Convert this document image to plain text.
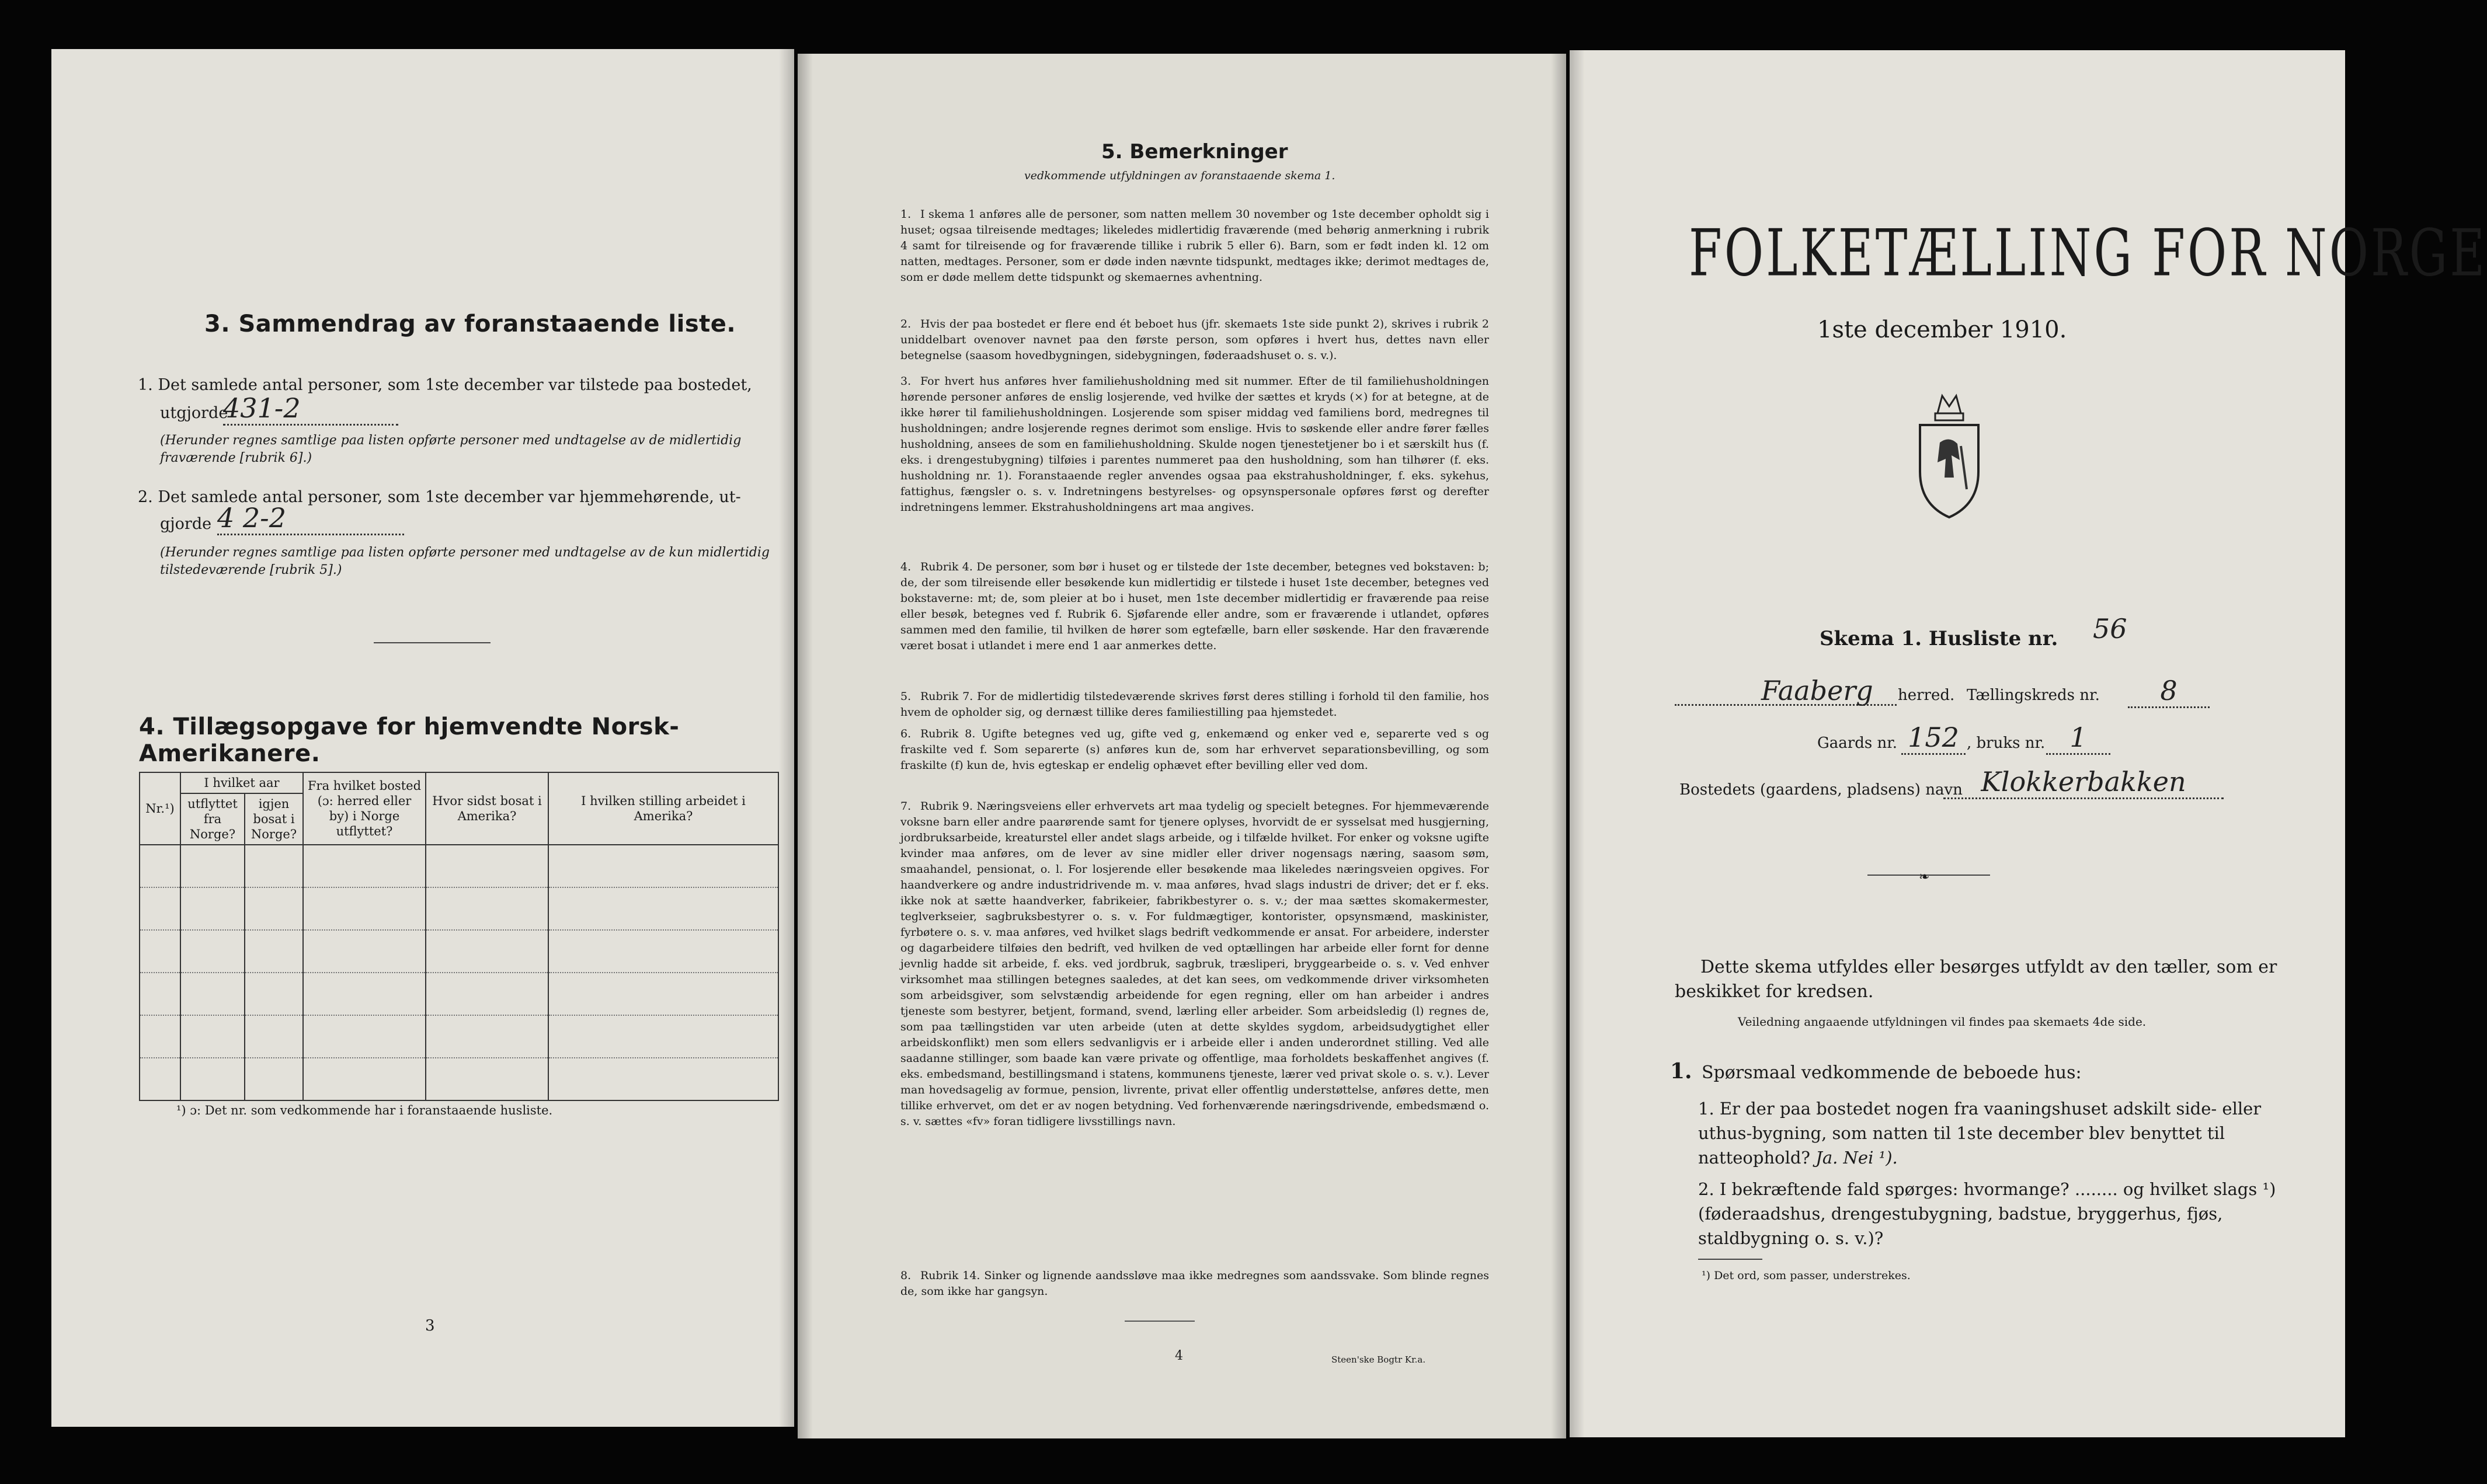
3. Sammendrag av foranstaaende liste.
1. Det samlede antal personer, som 1ste december var tilstede paa bostedet,
utgjorde
431-2
(Herunder regnes samtlige paa listen opførte personer med undtagelse av de midlertidig fraværende [rubrik 6].)
2. Det samlede antal personer, som 1ste december var hjemmehørende, ut-
gjorde 4 2-2
(Herunder regnes samtlige paa listen opførte personer med undtagelse av de kun midlertidig tilstedeværende [rubrik 5].)
4. Tillægsopgave for hjemvendte Norsk-Amerikanere.
Nr.¹)	I hvilket aar		Fra hvilket bosted (ɔ: herred eller by) i Norge utflyttet?	Hvor sidst bosat i Amerika?	I hvilken stilling arbeidet i Amerika?
	utflyttet fra Norge?	igjen bosat i Norge?			

¹) ɔ: Det nr. som vedkommende har i foranstaaende husliste.
3
5. Bemerkninger
vedkommende utfyldningen av foranstaaende skema 1.
1. I skema 1 anføres alle de personer, som natten mellem 30 november og 1ste december opholdt sig i huset; ogsaa tilreisende medtages; likeledes midlertidig fraværende (med behørig anmerkning i rubrik 4 samt for tilreisende og for fraværende tillike i rubrik 5 eller 6). Barn, som er født inden kl. 12 om natten, medtages. Personer, som er døde inden nævnte tidspunkt, medtages ikke; derimot medtages de, som er døde mellem dette tidspunkt og skemaernes avhentning.
2. Hvis der paa bostedet er flere end ét beboet hus (jfr. skemaets 1ste side punkt 2), skrives i rubrik 2 uniddelbart ovenover navnet paa den første person, som opføres i hvert hus, dettes navn eller betegnelse (saasom hovedbygningen, sidebygningen, føderaadshuset o. s. v.).
3. For hvert hus anføres hver familiehusholdning med sit nummer. Efter de til familiehusholdningen hørende personer anføres de enslig losjerende, ved hvilke der sættes et kryds (×) for at betegne, at de ikke hører til familiehusholdningen. Losjerende som spiser middag ved familiens bord, medregnes til husholdningen; andre losjerende regnes derimot som enslige. Hvis to søskende eller andre fører fælles husholdning, ansees de som en familiehusholdning. Skulde nogen tjenestetjener bo i et særskilt hus (f. eks. i drengestubygning) tilføies i parentes nummeret paa den husholdning, som han tilhører (f. eks. husholdning nr. 1). Foranstaaende regler anvendes ogsaa paa ekstrahusholdninger, f. eks. sykehus, fattighus, fængsler o. s. v. Indretningens bestyrelses- og opsynspersonale opføres først og derefter indretningens lemmer. Ekstrahusholdningens art maa angives.
4. Rubrik 4. De personer, som bør i huset og er tilstede der 1ste december, betegnes ved bokstaven: b; de, der som tilreisende eller besøkende kun midlertidig er tilstede i huset 1ste december, betegnes ved bokstaverne: mt; de, som pleier at bo i huset, men 1ste december midlertidig er fraværende paa reise eller besøk, betegnes ved f. Rubrik 6. Sjøfarende eller andre, som er fraværende i utlandet, opføres sammen med den familie, til hvilken de hører som egtefælle, barn eller søskende. Har den fraværende været bosat i utlandet i mere end 1 aar anmerkes dette.
5. Rubrik 7. For de midlertidig tilstedeværende skrives først deres stilling i forhold til den familie, hos hvem de opholder sig, og dernæst tillike deres familiestilling paa hjemstedet.
6. Rubrik 8. Ugifte betegnes ved ug, gifte ved g, enkemænd og enker ved e, separerte ved s og fraskilte ved f. Som separerte (s) anføres kun de, som har erhvervet separationsbevilling, og som fraskilte (f) kun de, hvis egteskap er endelig ophævet efter bevilling eller ved dom.
7. Rubrik 9. Næringsveiens eller erhvervets art maa tydelig og specielt betegnes. For hjemmeværende voksne barn eller andre paarørende samt for tjenere oplyses, hvorvidt de er sysselsat med husgjerning, jordbruksarbeide, kreaturstel eller andet slags arbeide, og i tilfælde hvilket. For enker og voksne ugifte kvinder maa anføres, om de lever av sine midler eller driver nogensags næring, saasom søm, smaahandel, pensionat, o. l. For losjerende eller besøkende maa likeledes næringsveien opgives. For haandverkere og andre industridrivende m. v. maa anføres, hvad slags industri de driver; det er f. eks. ikke nok at sætte haandverker, fabrikeier, fabrikbestyrer o. s. v.; der maa sættes skomakermester, teglverkseier, sagbruksbestyrer o. s. v. For fuldmægtiger, kontorister, opsynsmænd, maskinister, fyrbøtere o. s. v. maa anføres, ved hvilket slags bedrift vedkommende er ansat. For arbeidere, inderster og dagarbeidere tilføies den bedrift, ved hvilken de ved optællingen har arbeide eller fornt for denne jevnlig hadde sit arbeide, f. eks. ved jordbruk, sagbruk, træsliperi, bryggearbeide o. s. v. Ved enhver virksomhet maa stillingen betegnes saaledes, at det kan sees, om vedkommende driver virksomheten som arbeidsgiver, som selvstændig arbeidende for egen regning, eller om han arbeider i andres tjeneste som bestyrer, betjent, formand, svend, lærling eller arbeider. Som arbeidsledig (l) regnes de, som paa tællingstiden var uten arbeide (uten at dette skyldes sygdom, arbeidsudygtighet eller arbeidskonflikt) men som ellers sedvanligvis er i arbeide eller i anden underordnet stilling. Ved alle saadanne stillinger, som baade kan være private og offentlige, maa forholdets beskaffenhet angives (f. eks. embedsmand, bestillingsmand i statens, kommunens tjeneste, lærer ved privat skole o. s. v.). Lever man hovedsagelig av formue, pension, livrente, privat eller offentlig understøttelse, anføres dette, men tillike erhvervet, om det er av nogen betydning. Ved forhenværende næringsdrivende, embedsmænd o. s. v. sættes «fv» foran tidligere livsstillings navn.
8. Rubrik 14. Sinker og lignende aandssløve maa ikke medregnes som aandssvake. Som blinde regnes de, som ikke har gangsyn.
4	Steen'ske Bogtr Kr.a.
FOLKETÆLLING FOR NORGE
1ste december 1910.
Skema 1. Husliste nr. 56
Faaberg herred. Tællingskreds nr.	8
Gaards nr. 152 , bruks nr. 1
Bostedets (gaardens, pladsens) navn Klokkerbakken
❧
Dette skema utfyldes eller besørges utfyldt av den tæller, som er beskikket for kredsen.
Veiledning angaaende utfyldningen vil findes paa skemaets 4de side.
1. Spørsmaal vedkommende de beboede hus:
1. Er der paa bostedet nogen fra vaaningshuset adskilt side- eller uthus-bygning, som natten til 1ste december blev benyttet til natteophold? Ja. Nei ¹).
2. I bekræftende fald spørges: hvormange? ........ og hvilket slags ¹) (føderaadshus, drengestubygning, badstue, bryggerhus, fjøs, staldbygning o. s. v.)?
¹) Det ord, som passer, understrekes.
